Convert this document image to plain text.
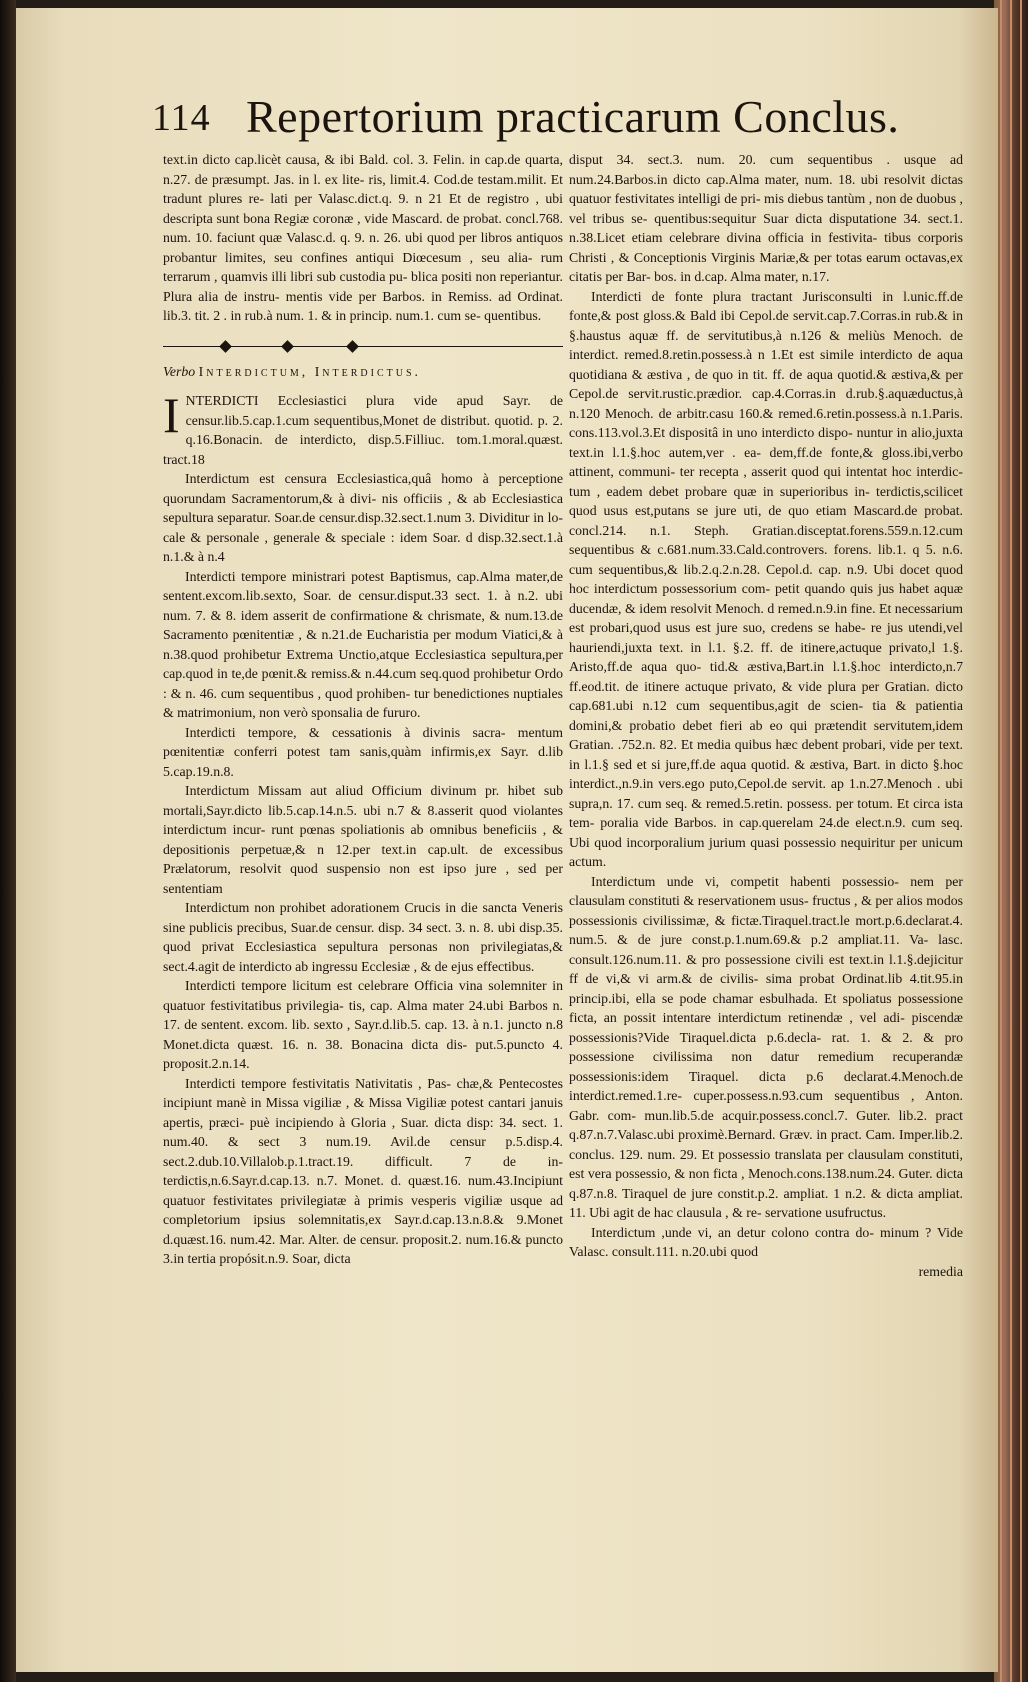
114 Repertorium practicarum Conclus.

text.in dicto cap.licèt causa, & ibi Bald. col. 3. Felin. in cap.de quarta, n.27. de præsumpt. Jas. in l. ex lite- ris, limit.4. Cod.de testam.milit. Et tradunt plures re- lati per Valasc.dict.q. 9. n 21 Et de registro , ubi descripta sunt bona Regiæ coronæ , vide Mascard. de probat. concl.768. num. 10. faciunt quæ Valasc.d. q. 9. n. 26. ubi quod per libros antiquos probantur limites, seu confines antiqui Diœcesum , seu alia- rum terrarum , quamvis illi libri sub custodia pu- blica positi non reperiantur. Plura alia de instru- mentis vide per Barbos. in Remiss. ad Ordinat. lib.3. tit. 2 . in rub.à num. 1. & in princip. num.1. cum se- quentibus.

Verbo Interdictum, Interdictus.

I NTERDICTI Ecclesiastici plura vide apud Sayr. de censur.lib.5.cap.1.cum sequentibus,Monet de distribut. quotid. p. 2. q.16.Bonacin. de interdicto, disp.5.Filliuc. tom.1.moral.quæst. tract.18

Interdictum est censura Ecclesiastica,quâ homo à perceptione quorundam Sacramentorum,& à divi- nis officiis , & ab Ecclesiastica sepultura separatur. Soar.de censur.disp.32.sect.1.num 3. Dividitur in lo- cale & personale , generale & speciale : idem Soar. d disp.32.sect.1.à n.1.& à n.4

Interdicti tempore ministrari potest Baptismus, cap.Alma mater,de sentent.excom.lib.sexto, Soar. de censur.disput.33 sect. 1. à n.2. ubi num. 7. & 8. idem asserit de confirmatione & chrismate, & num.13.de Sacramento pœnitentiæ , & n.21.de Eucharistia per modum Viatici,& à n.38.quod prohibetur Extrema Unctio,atque Ecclesiastica sepultura,per cap.quod in te,de pœnit.& remiss.& n.44.cum seq.quod prohibetur Ordo : & n. 46. cum sequentibus , quod prohiben- tur benedictiones nuptiales & matrimonium, non verò sponsalia de fururo.

Interdicti tempore, & cessationis à divinis sacra- mentum pœnitentiæ conferri potest tam sanis,quàm infirmis,ex Sayr. d.lib 5.cap.19.n.8.

Interdictum Missam aut aliud Officium divinum pr. hibet sub mortali,Sayr.dicto lib.5.cap.14.n.5. ubi n.7 & 8.asserit quod violantes interdictum incur- runt pœnas spoliationis ab omnibus beneficiis , & depositionis perpetuæ,& n 12.per text.in cap.ult. de excessibus Prælatorum, resolvit quod suspensio non est ipso jure , sed per sententiam

Interdictum non prohibet adorationem Crucis in die sancta Veneris sine publicis precibus, Suar.de censur. disp. 34 sect. 3. n. 8. ubi disp.35. quod privat Ecclesiastica sepultura personas non privilegiatas,& sect.4.agit de interdicto ab ingressu Ecclesiæ , & de ejus effectibus.

Interdicti tempore licitum est celebrare Officia vina solemniter in quatuor festivitatibus privilegia- tis, cap. Alma mater 24.ubi Barbos n. 17. de sentent. excom. lib. sexto , Sayr.d.lib.5. cap. 13. à n.1. juncto n.8 Monet.dicta quæst. 16. n. 38. Bonacina dicta dis- put.5.puncto 4. proposit.2.n.14.

Interdicti tempore festivitatis Nativitatis , Pas- chæ,& Pentecostes incipiunt manè in Missa vigiliæ , & Missa Vigiliæ potest cantari januis apertis, præci- puè incipiendo à Gloria , Suar. dicta disp: 34. sect. 1. num.40. & sect 3 num.19. Avil.de censur p.5.disp.4. sect.2.dub.10.Villalob.p.1.tract.19. difficult. 7 de in- terdictis,n.6.Sayr.d.cap.13. n.7. Monet. d. quæst.16. num.43.Incipiunt quatuor festivitates privilegiatæ à primis vesperis vigiliæ usque ad completorium ipsius solemnitatis,ex Sayr.d.cap.13.n.8.& 9.Monet d.quæst.16. num.42. Mar. Alter. de censur. proposit.2. num.16.& puncto 3.in tertia propósit.n.9. Soar, dicta

disput 34. sect.3. num. 20. cum sequentibus . usque ad num.24.Barbos.in dicto cap.Alma mater, num. 18. ubi resolvit dictas quatuor festivitates intelligi de pri- mis diebus tantùm , non de duobus , vel tribus se- quentibus:sequitur Suar dicta disputatione 34. sect.1. n.38.Licet etiam celebrare divina officia in festivita- tibus corporis Christi , & Conceptionis Virginis Mariæ,& per totas earum octavas,ex citatis per Bar- bos. in d.cap. Alma mater, n.17.

Interdicti de fonte plura tractant Jurisconsulti in l.unic.ff.de fonte,& post gloss.& Bald ibi Cepol.de servit.cap.7.Corras.in rub.& in §.haustus aquæ ff. de servitutibus,à n.126 & meliùs Menoch. de interdict. remed.8.retin.possess.à n 1.Et est simile interdicto de aqua quotidiana & æstiva , de quo in tit. ff. de aqua quotid.& æstiva,& per Cepol.de servit.rustic.prædior. cap.4.Corras.in d.rub.§.aquæductus,à n.120 Menoch. de arbitr.casu 160.& remed.6.retin.possess.à n.1.Paris. cons.113.vol.3.Et dispositâ in uno interdicto dispo- nuntur in alio,juxta text.in l.1.§.hoc autem,ver . ea- dem,ff.de fonte,& gloss.ibi,verbo attinent, communi- ter recepta , asserit quod qui intentat hoc interdic- tum , eadem debet probare quæ in superioribus in- terdictis,scilicet quod usus est,putans se jure uti, de quo etiam Mascard.de probat. concl.214. n.1. Steph. Gratian.disceptat.forens.559.n.12.cum sequentibus & c.681.num.33.Cald.controvers. forens. lib.1. q 5. n.6. cum sequentibus,& lib.2.q.2.n.28. Cepol.d. cap. n.9. Ubi docet quod hoc interdictum possessorium com- petit quando quis jus habet aquæ ducendæ, & idem resolvit Menoch. d remed.n.9.in fine. Et necessarium est probari,quod usus est jure suo, credens se habe- re jus utendi,vel hauriendi,juxta text. in l.1. §.2. ff. de itinere,actuque privato,l 1.§. Aristo,ff.de aqua quo- tid.& æstiva,Bart.in l.1.§.hoc interdicto,n.7 ff.eod.tit. de itinere actuque privato, & vide plura per Gratian. dicto cap.681.ubi n.12 cum sequentibus,agit de scien- tia & patientia domini,& probatio debet fieri ab eo qui prætendit servitutem,idem Gratian. .752.n. 82. Et media quibus hæc debent probari, vide per text. in l.1.§ sed et si jure,ff.de aqua quotid. & æstiva, Bart. in dicto §.hoc interdict.,n.9.in vers.ego puto,Cepol.de servit. ap 1.n.27.Menoch . ubi supra,n. 17. cum seq. & remed.5.retin. possess. per totum. Et circa ista tem- poralia vide Barbos. in cap.querelam 24.de elect.n.9. cum seq. Ubi quod incorporalium jurium quasi possessio nequiritur per unicum actum.

Interdictum unde vi, competit habenti possessio- nem per clausulam constituti & reservationem usus- fructus , & per alios modos possessionis civilissimæ, & fictæ.Tiraquel.tract.le mort.p.6.declarat.4. num.5. & de jure const.p.1.num.69.& p.2 ampliat.11. Va- lasc. consult.126.num.11. & pro possessione civili est text.in l.1.§.dejicitur ff de vi,& vi arm.& de civilis- sima probat Ordinat.lib 4.tit.95.in princip.ibi, ella se pode chamar esbulhada. Et spoliatus possessione ficta, an possit intentare interdictum retinendæ , vel adi- piscendæ possessionis?Vide Tiraquel.dicta p.6.decla- rat. 1. & 2. & pro possessione civilissima non datur remedium recuperandæ possessionis:idem Tiraquel. dicta p.6 declarat.4.Menoch.de interdict.remed.1.re- cuper.possess.n.93.cum sequentibus , Anton. Gabr. com- mun.lib.5.de acquir.possess.concl.7. Guter. lib.2. pract q.87.n.7.Valasc.ubi proximè.Bernard. Græv. in pract. Cam. Imper.lib.2. conclus. 129. num. 29. Et possessio translata per clausulam constituti, est vera possessio, & non ficta , Menoch.cons.138.num.24. Guter. dicta q.87.n.8. Tiraquel de jure constit.p.2. ampliat. 1 n.2. & dicta ampliat. 11. Ubi agit de hac clausula , & re- servatione usufructus.

Interdictum ,unde vi, an detur colono contra do- minum ? Vide Valasc. consult.111. n.20.ubi quod

remedia
